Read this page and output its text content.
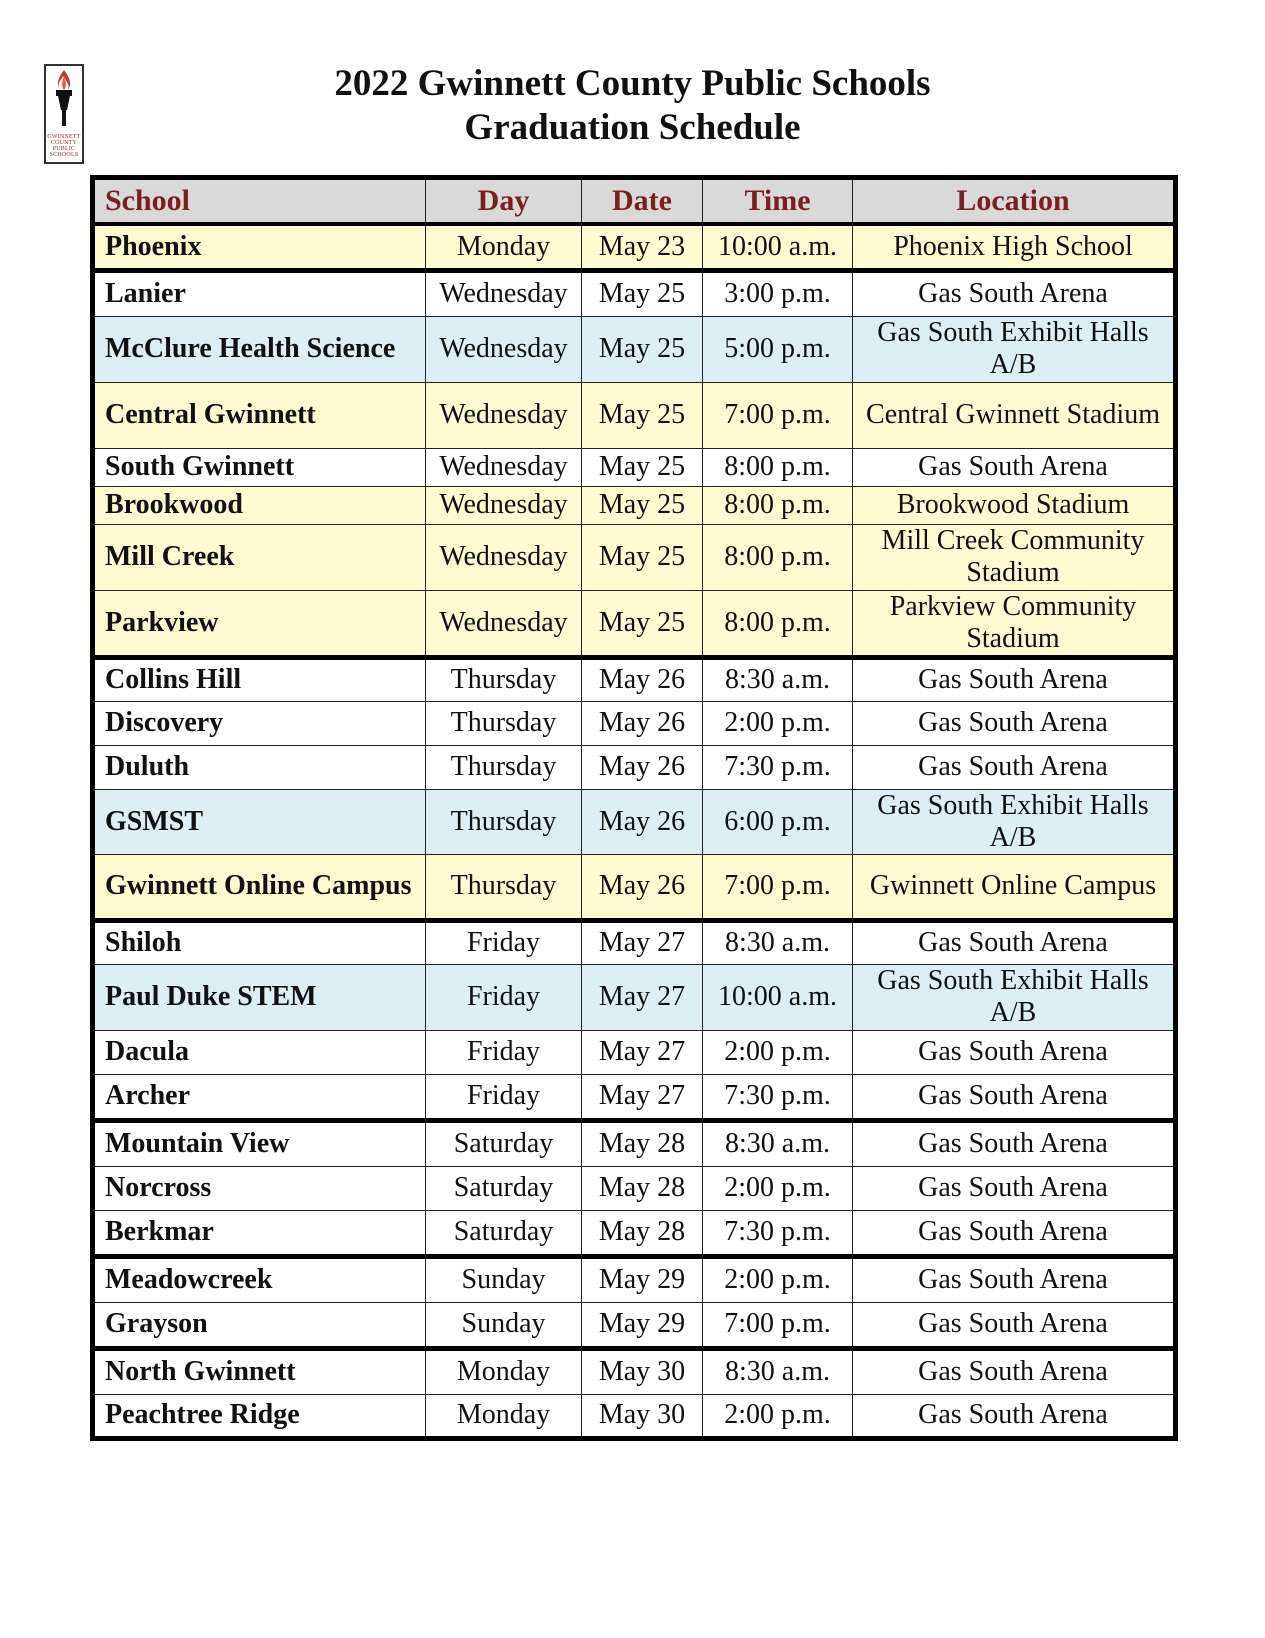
GWINNETT COUNTY PUBLIC SCHOOLS
2022 Gwinnett County Public Schools
Graduation Schedule
School	Day	Date	Time	Location
Phoenix	Monday	May 23	10:00 a.m.	Phoenix High School
Lanier	Wednesday	May 25	3:00 p.m.	Gas South Arena
McClure Health Science	Wednesday	May 25	5:00 p.m.	Gas South Exhibit Halls A/B
Central Gwinnett	Wednesday	May 25	7:00 p.m.	Central Gwinnett Stadium
South Gwinnett	Wednesday	May 25	8:00 p.m.	Gas South Arena
Brookwood	Wednesday	May 25	8:00 p.m.	Brookwood Stadium
Mill Creek	Wednesday	May 25	8:00 p.m.	Mill Creek Community Stadium
Parkview	Wednesday	May 25	8:00 p.m.	Parkview Community Stadium
Collins Hill	Thursday	May 26	8:30 a.m.	Gas South Arena
Discovery	Thursday	May 26	2:00 p.m.	Gas South Arena
Duluth	Thursday	May 26	7:30 p.m.	Gas South Arena
GSMST	Thursday	May 26	6:00 p.m.	Gas South Exhibit Halls A/B
Gwinnett Online Campus	Thursday	May 26	7:00 p.m.	Gwinnett Online Campus
Shiloh	Friday	May 27	8:30 a.m.	Gas South Arena
Paul Duke STEM	Friday	May 27	10:00 a.m.	Gas South Exhibit Halls A/B
Dacula	Friday	May 27	2:00 p.m.	Gas South Arena
Archer	Friday	May 27	7:30 p.m.	Gas South Arena
Mountain View	Saturday	May 28	8:30 a.m.	Gas South Arena
Norcross	Saturday	May 28	2:00 p.m.	Gas South Arena
Berkmar	Saturday	May 28	7:30 p.m.	Gas South Arena
Meadowcreek	Sunday	May 29	2:00 p.m.	Gas South Arena
Grayson	Sunday	May 29	7:00 p.m.	Gas South Arena
North Gwinnett	Monday	May 30	8:30 a.m.	Gas South Arena
Peachtree Ridge	Monday	May 30	2:00 p.m.	Gas South Arena
